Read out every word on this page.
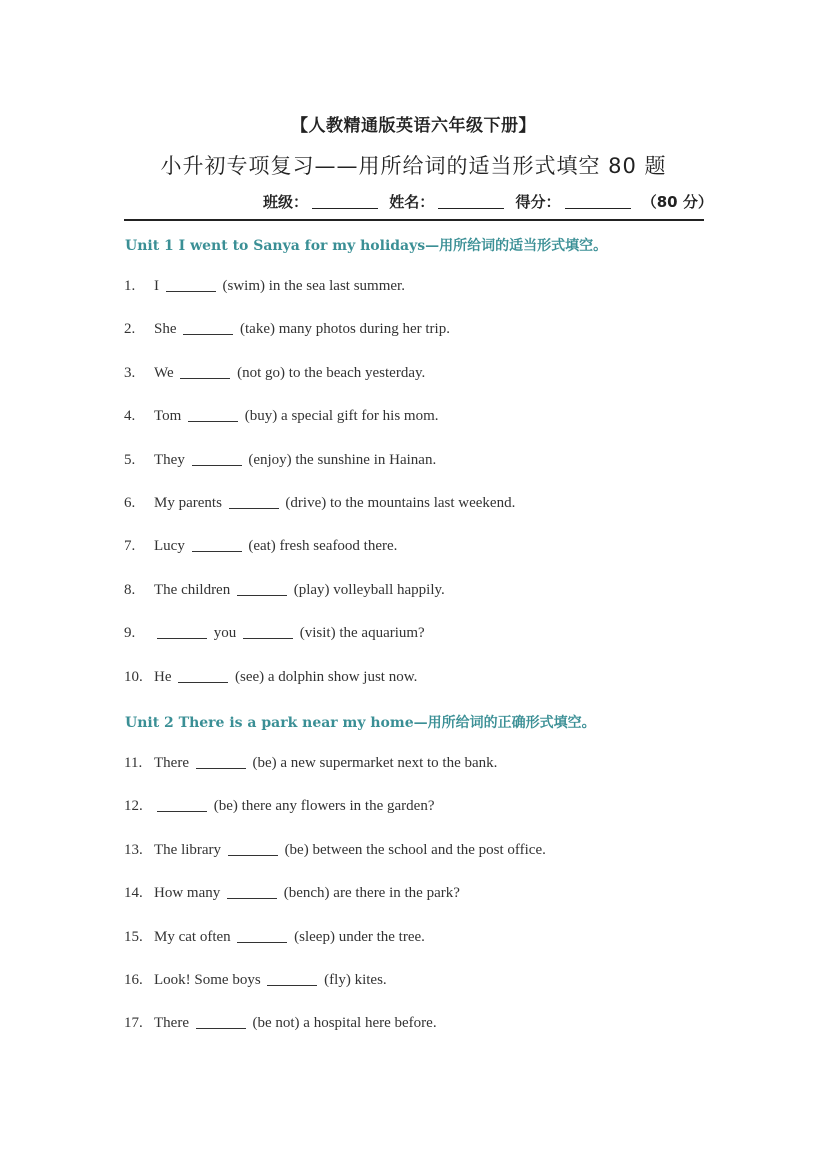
【人教精通版英语六年级下册】
小升初专项复习——用所给词的适当形式填空 80 题
班级：	姓名：	得分：	（80 分）
Unit 1 I went to Sanya for my holidays—用所给词的适当形式填空。
1. I	(swim) in the sea last summer.
2. She	(take) many photos during her trip.
3. We	(not go) to the beach yesterday.
4. Tom	(buy) a special gift for his mom.
5. They	(enjoy) the sunshine in Hainan.
6. My parents	(drive) to the mountains last weekend.
7. Lucy	(eat) fresh seafood there.
8. The children	(play) volleyball happily.
9.	you	(visit) the aquarium?
10. He	(see) a dolphin show just now.
Unit 2 There is a park near my home—用所给词的正确形式填空。
11. There	(be) a new supermarket next to the bank.
12.	(be) there any flowers in the garden?
13. The library	(be) between the school and the post office.
14. How many	(bench) are there in the park?
15. My cat often	(sleep) under the tree.
16. Look! Some boys	(fly) kites.
17. There	(be not) a hospital here before.
